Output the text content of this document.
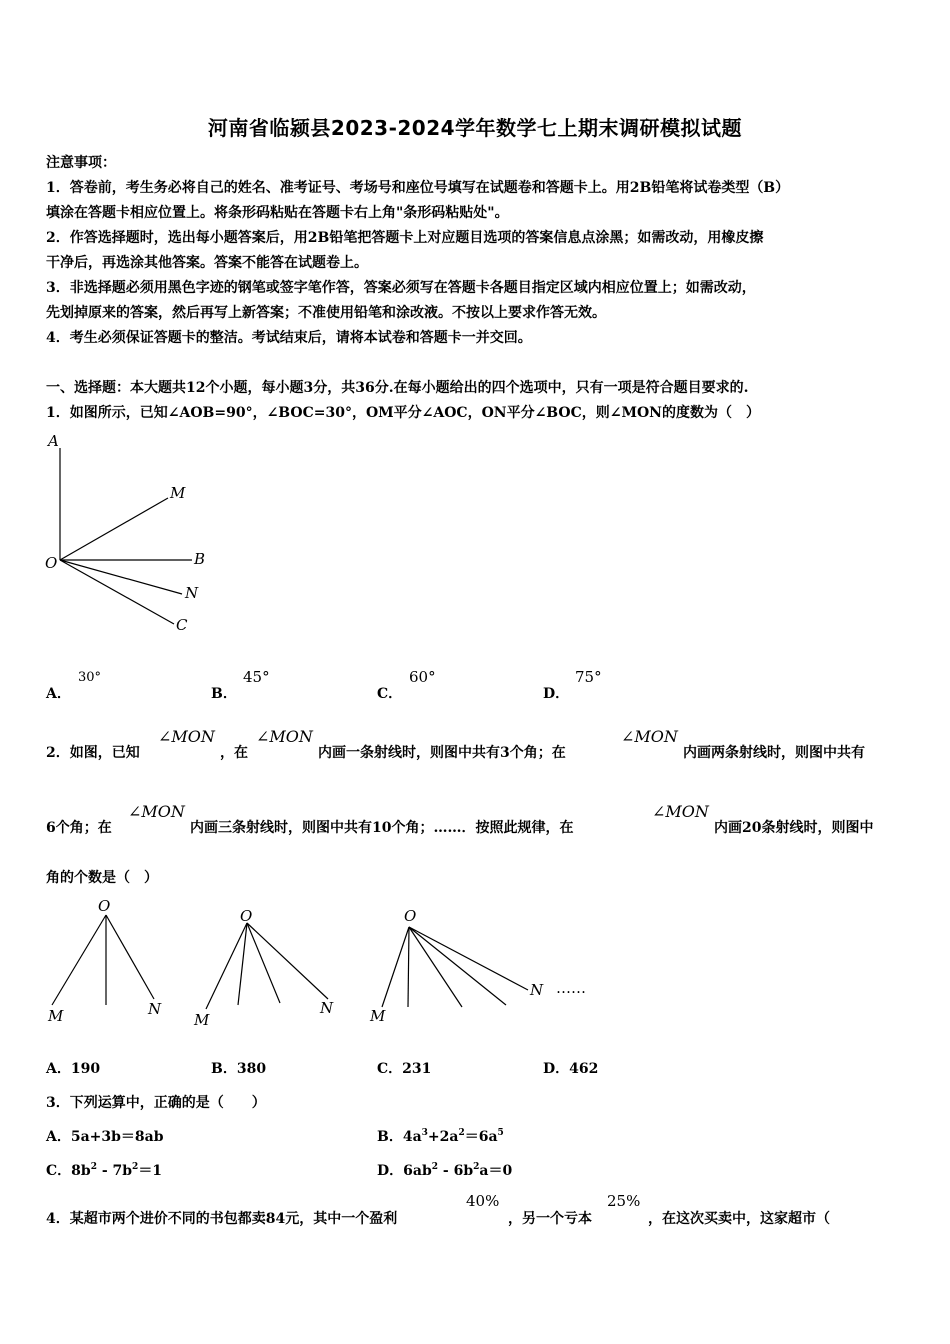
河南省临颍县2023-2024学年数学七上期末调研模拟试题
注意事项：
1．答卷前，考生务必将自己的姓名、准考证号、考场号和座位号填写在试题卷和答题卡上。用2B铅笔将试卷类型（B）
填涂在答题卡相应位置上。将条形码粘贴在答题卡右上角"条形码粘贴处"。
2．作答选择题时，选出每小题答案后，用2B铅笔把答题卡上对应题目选项的答案信息点涂黑；如需改动，用橡皮擦
干净后，再选涂其他答案。答案不能答在试题卷上。
3．非选择题必须用黑色字迹的钢笔或签字笔作答，答案必须写在答题卡各题目指定区域内相应位置上；如需改动，
先划掉原来的答案，然后再写上新答案；不准使用铅笔和涂改液。不按以上要求作答无效。
4．考生必须保证答题卡的整洁。考试结束后，请将本试卷和答题卡一并交回。
一、选择题：本大题共12个小题，每小题3分，共36分.在每小题给出的四个选项中，只有一项是符合题目要求的.
1．如图所示，已知∠AOB=90°，∠BOC=30°，OM平分∠AOC，ON平分∠BOC，则∠MON的度数为（　）
A
M
O	B
N
C
A．
30°
B．
45°
C．
60°
D．
75°
2．如图，已知
∠MON
，在
∠MON
内画一条射线时，则图中共有3个角；在
∠MON
内画两条射线时，则图中共有
6个角；在
∠MON
内画三条射线时，则图中共有10个角；……．按照此规律，在
∠MON
内画20条射线时，则图中
角的个数是（　）
O
M	N
O
M
N
O
M
N ……
A．190	B．380	C．231	D．462
3．下列运算中，正确的是（　　）
A．5a+3b＝8ab	B．$4a^3+2a^2=6a^5$
C．$8b^2 - 7b^2=1$	D．$6ab^2 - 6b^2a=0$
4．某超市两个进价不同的书包都卖84元，其中一个盈利
40%
，另一个亏本
25%
，在这次买卖中，这家超市（
